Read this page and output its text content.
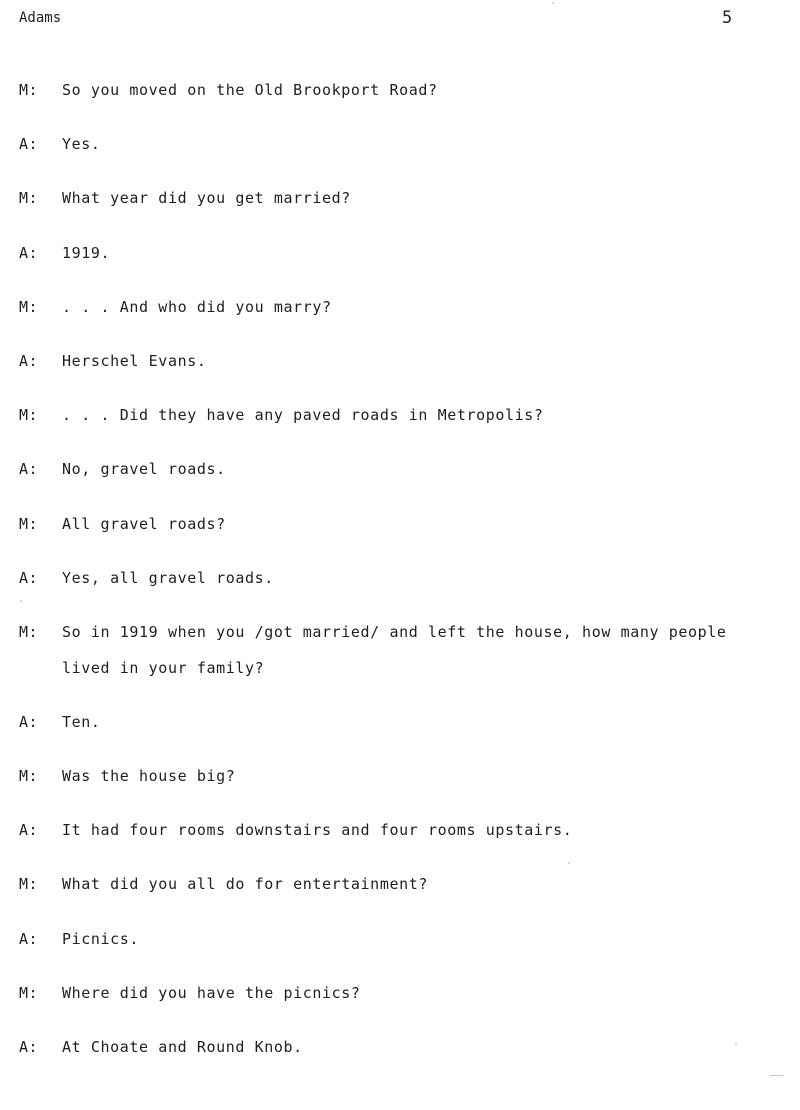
Adams	5
M:	So you moved on the Old Brookport Road?
A:	Yes.
M:	What year did you get married?
A:	1919.
M:	. . . And who did you marry?
A:	Herschel Evans.
M:	. . . Did they have any paved roads in Metropolis?
A:	No, gravel roads.
M:	All gravel roads?
A:	Yes, all gravel roads.
M:	So in 1919 when you /got married/ and left the house, how many people lived in your family?
A:	Ten.
M:	Was the house big?
A:	It had four rooms downstairs and four rooms upstairs.
M:	What did you all do for entertainment?
A:	Picnics.
M:	Where did you have the picnics?
A:	At Choate and Round Knob.
